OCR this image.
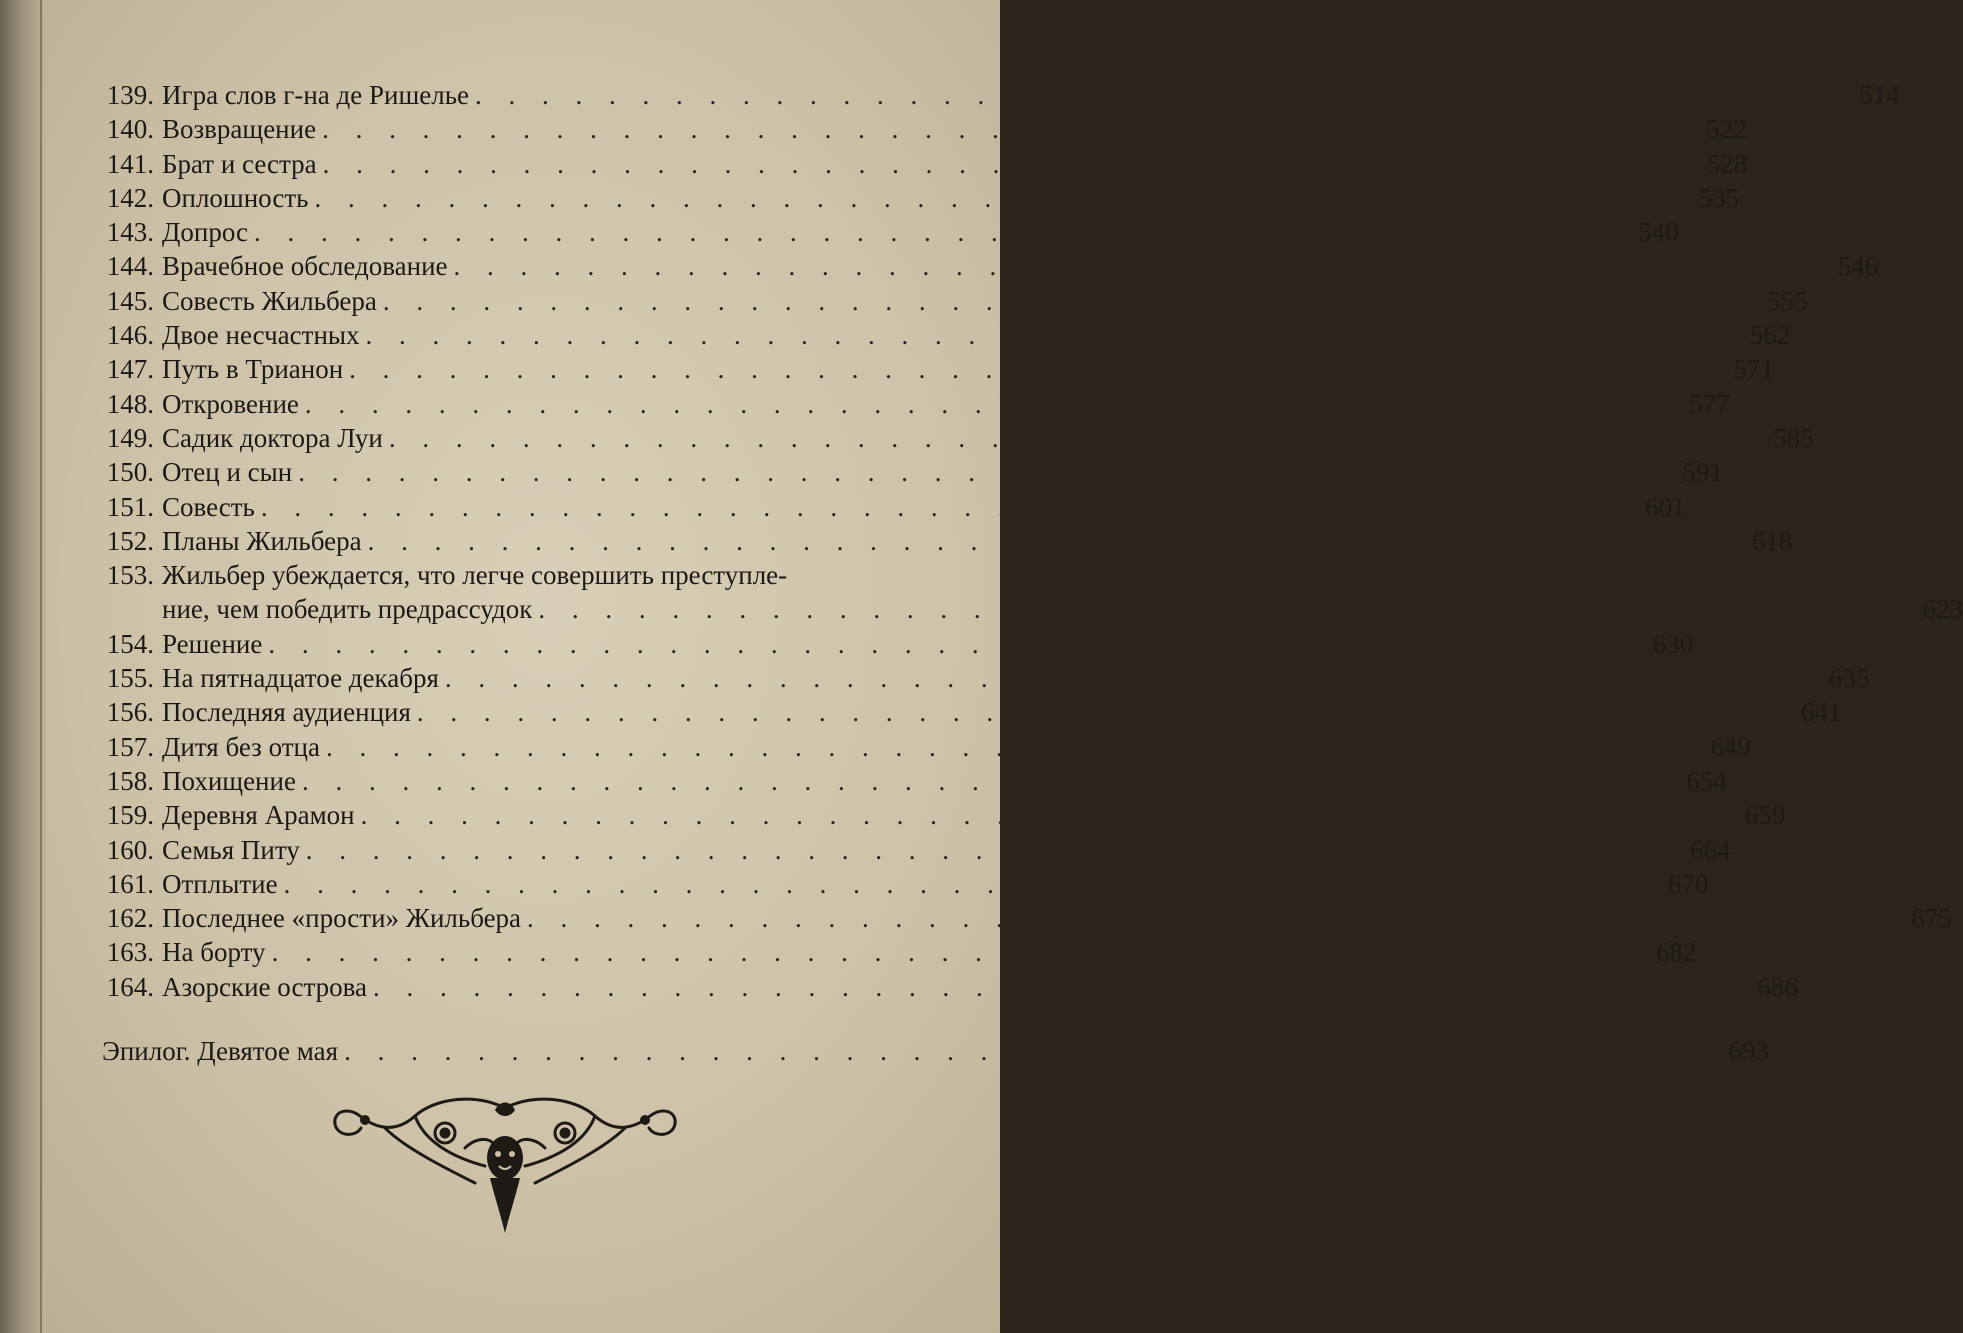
139. Игра слов г-на де Ришелье . . . . . . . . . . . . . . . . . . . . . . . . . . . . . . . . . . . . . . . . .	514
140. Возвращение . . . . . . . . . . . . . . . . . . . . . . . . . . . . . . . . . . . . . . . . .	522
141. Брат и сестра . . . . . . . . . . . . . . . . . . . . . . . . . . . . . . . . . . . . . . . . .	528
142. Оплошность . . . . . . . . . . . . . . . . . . . . . . . . . . . . . . . . . . . . . . . . .	535
143. Допрос . . . . . . . . . . . . . . . . . . . . . . . . . . . . . . . . . . . . . . . . .	540
144. Врачебное обследование . . . . . . . . . . . . . . . . . . . . . . . . . . . . . . . . . . . . . . . . .	546
145. Совесть Жильбера . . . . . . . . . . . . . . . . . . . . . . . . . . . . . . . . . . . . . . . . .	555
146. Двое несчастных . . . . . . . . . . . . . . . . . . . . . . . . . . . . . . . . . . . . . . . . .	562
147. Путь в Трианон . . . . . . . . . . . . . . . . . . . . . . . . . . . . . . . . . . . . . . . . .	571
148. Откровение . . . . . . . . . . . . . . . . . . . . . . . . . . . . . . . . . . . . . . . . .	577
149. Садик доктора Луи . . . . . . . . . . . . . . . . . . . . . . . . . . . . . . . . . . . . . . . . .	585
150. Отец и сын . . . . . . . . . . . . . . . . . . . . . . . . . . . . . . . . . . . . . . . . .	591
151. Совесть . . . . . . . . . . . . . . . . . . . . . . . . . . . . . . . . . . . . . . . . .	601
152. Планы Жильбера . . . . . . . . . . . . . . . . . . . . . . . . . . . . . . . . . . . . . . . . .	618
153. Жильбер убеждается, что легче совершить преступле-
ние, чем победить предрассудок . . . . . . . . . . . . . . . . . . . . . . . . . . . . . . . . . . . . . . . . .	623
154. Решение . . . . . . . . . . . . . . . . . . . . . . . . . . . . . . . . . . . . . . . . .	630
155. На пятнадцатое декабря . . . . . . . . . . . . . . . . . . . . . . . . . . . . . . . . . . . . . . . . .	635
156. Последняя аудиенция . . . . . . . . . . . . . . . . . . . . . . . . . . . . . . . . . . . . . . . . .	641
157. Дитя без отца . . . . . . . . . . . . . . . . . . . . . . . . . . . . . . . . . . . . . . . . .	649
158. Похищение . . . . . . . . . . . . . . . . . . . . . . . . . . . . . . . . . . . . . . . . .	654
159. Деревня Арамон . . . . . . . . . . . . . . . . . . . . . . . . . . . . . . . . . . . . . . . . .	659
160. Семья Питу . . . . . . . . . . . . . . . . . . . . . . . . . . . . . . . . . . . . . . . . .	664
161. Отплытие . . . . . . . . . . . . . . . . . . . . . . . . . . . . . . . . . . . . . . . . .	670
162. Последнее «прости» Жильбера . . . . . . . . . . . . . . . . . . . . . . . . . . . . . . . . . . . . . . . . .	675
163. На борту . . . . . . . . . . . . . . . . . . . . . . . . . . . . . . . . . . . . . . . . .	682
164. Азорские острова . . . . . . . . . . . . . . . . . . . . . . . . . . . . . . . . . . . . . . . . .	686
Эпилог. Девятое мая . . . . . . . . . . . . . . . . . . . . . . . . . . . . . . . . . . . . . . . . .	693
